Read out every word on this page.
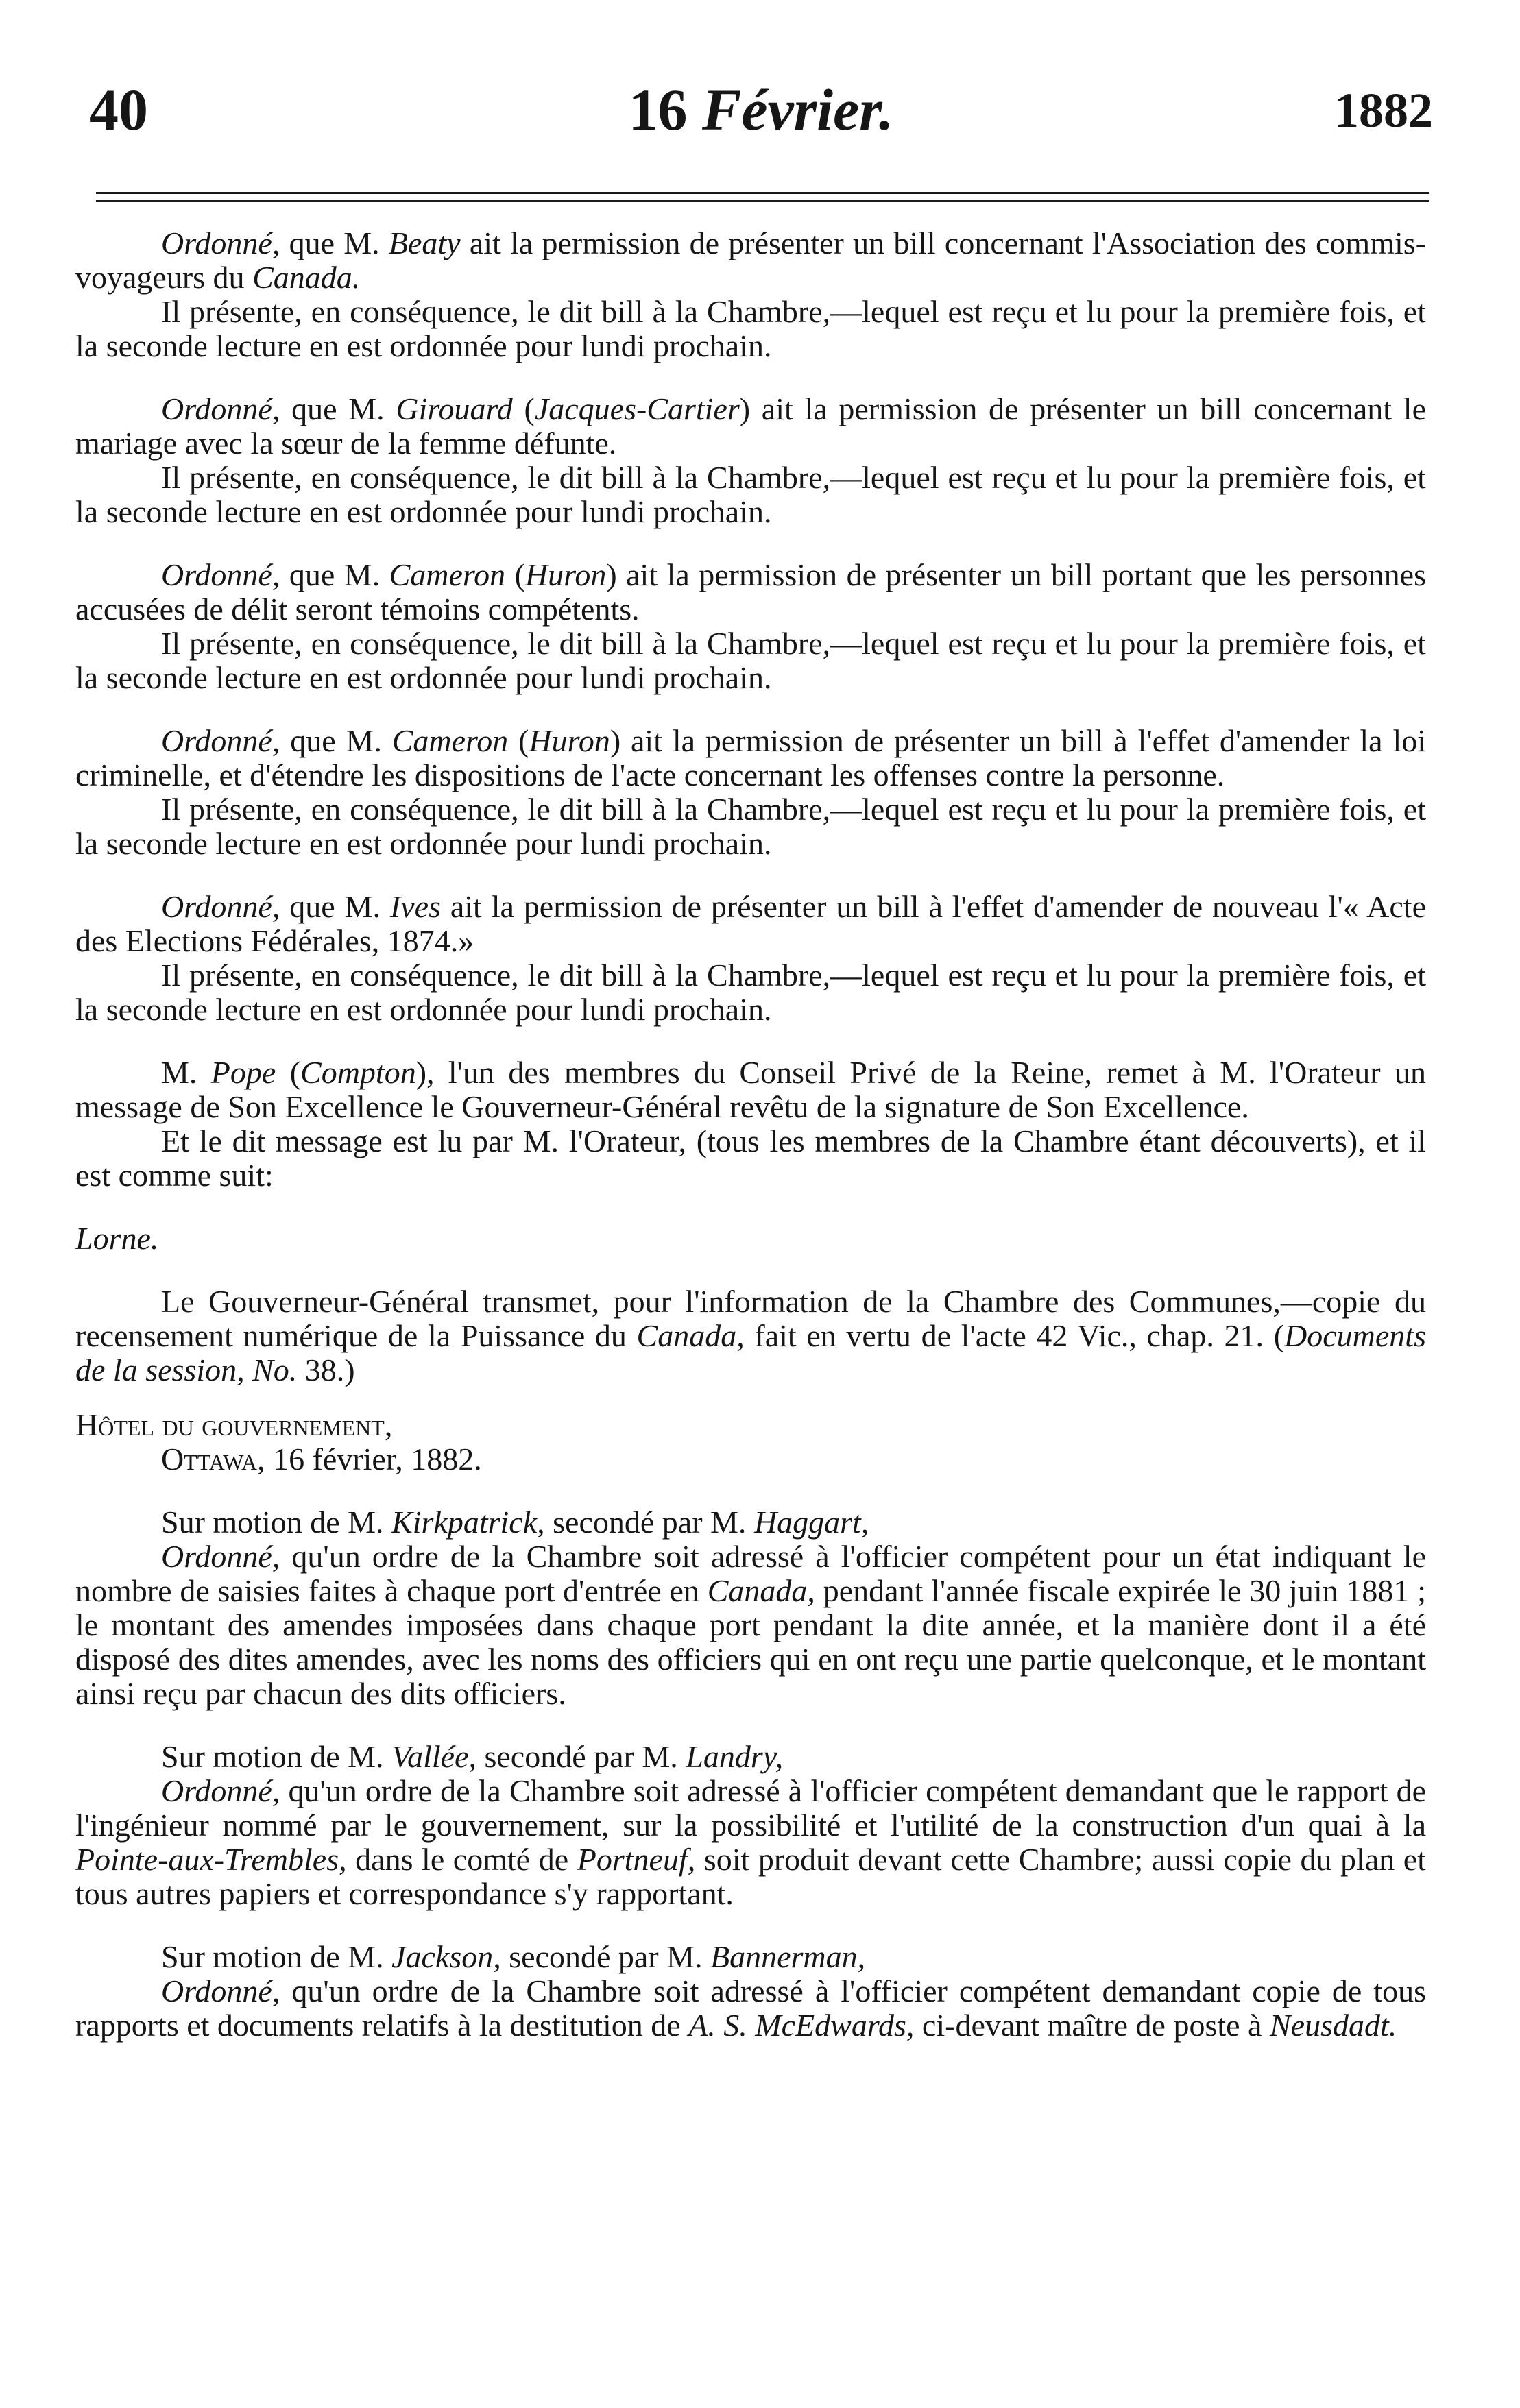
40	16 Février.	1882

Ordonné, que M. Beaty ait la permission de présenter un bill concernant l'Association des commis-voyageurs du Canada.

Il présente, en conséquence, le dit bill à la Chambre,—lequel est reçu et lu pour la première fois, et la seconde lecture en est ordonnée pour lundi prochain.

Ordonné, que M. Girouard (Jacques-Cartier) ait la permission de présenter un bill concernant le mariage avec la sœur de la femme défunte.

Il présente, en conséquence, le dit bill à la Chambre,—lequel est reçu et lu pour la première fois, et la seconde lecture en est ordonnée pour lundi prochain.

Ordonné, que M. Cameron (Huron) ait la permission de présenter un bill portant que les personnes accusées de délit seront témoins compétents.

Il présente, en conséquence, le dit bill à la Chambre,—lequel est reçu et lu pour la première fois, et la seconde lecture en est ordonnée pour lundi prochain.

Ordonné, que M. Cameron (Huron) ait la permission de présenter un bill à l'effet d'amender la loi criminelle, et d'étendre les dispositions de l'acte concernant les offenses contre la personne.

Il présente, en conséquence, le dit bill à la Chambre,—lequel est reçu et lu pour la première fois, et la seconde lecture en est ordonnée pour lundi prochain.

Ordonné, que M. Ives ait la permission de présenter un bill à l'effet d'amender de nouveau l'« Acte des Elections Fédérales, 1874.»

Il présente, en conséquence, le dit bill à la Chambre,—lequel est reçu et lu pour la première fois, et la seconde lecture en est ordonnée pour lundi prochain.

M. Pope (Compton), l'un des membres du Conseil Privé de la Reine, remet à M. l'Orateur un message de Son Excellence le Gouverneur-Général revêtu de la signature de Son Excellence.

Et le dit message est lu par M. l'Orateur, (tous les membres de la Chambre étant découverts), et il est comme suit:

Lorne.

Le Gouverneur-Général transmet, pour l'information de la Chambre des Communes,—copie du recensement numérique de la Puissance du Canada, fait en vertu de l'acte 42 Vic., chap. 21. (Documents de la session, No. 38.)

Hôtel du gouvernement,

Ottawa, 16 février, 1882.

Sur motion de M. Kirkpatrick, secondé par M. Haggart,

Ordonné, qu'un ordre de la Chambre soit adressé à l'officier compétent pour un état indiquant le nombre de saisies faites à chaque port d'entrée en Canada, pendant l'année fiscale expirée le 30 juin 1881 ; le montant des amendes imposées dans chaque port pendant la dite année, et la manière dont il a été disposé des dites amendes, avec les noms des officiers qui en ont reçu une partie quelconque, et le montant ainsi reçu par chacun des dits officiers.

Sur motion de M. Vallée, secondé par M. Landry,

Ordonné, qu'un ordre de la Chambre soit adressé à l'officier compétent demandant que le rapport de l'ingénieur nommé par le gouvernement, sur la possibilité et l'utilité de la construction d'un quai à la Pointe-aux-Trembles, dans le comté de Portneuf, soit produit devant cette Chambre; aussi copie du plan et tous autres papiers et correspondance s'y rapportant.

Sur motion de M. Jackson, secondé par M. Bannerman,

Ordonné, qu'un ordre de la Chambre soit adressé à l'officier compétent demandant copie de tous rapports et documents relatifs à la destitution de A. S. McEdwards, ci-devant maître de poste à Neusdadt.
